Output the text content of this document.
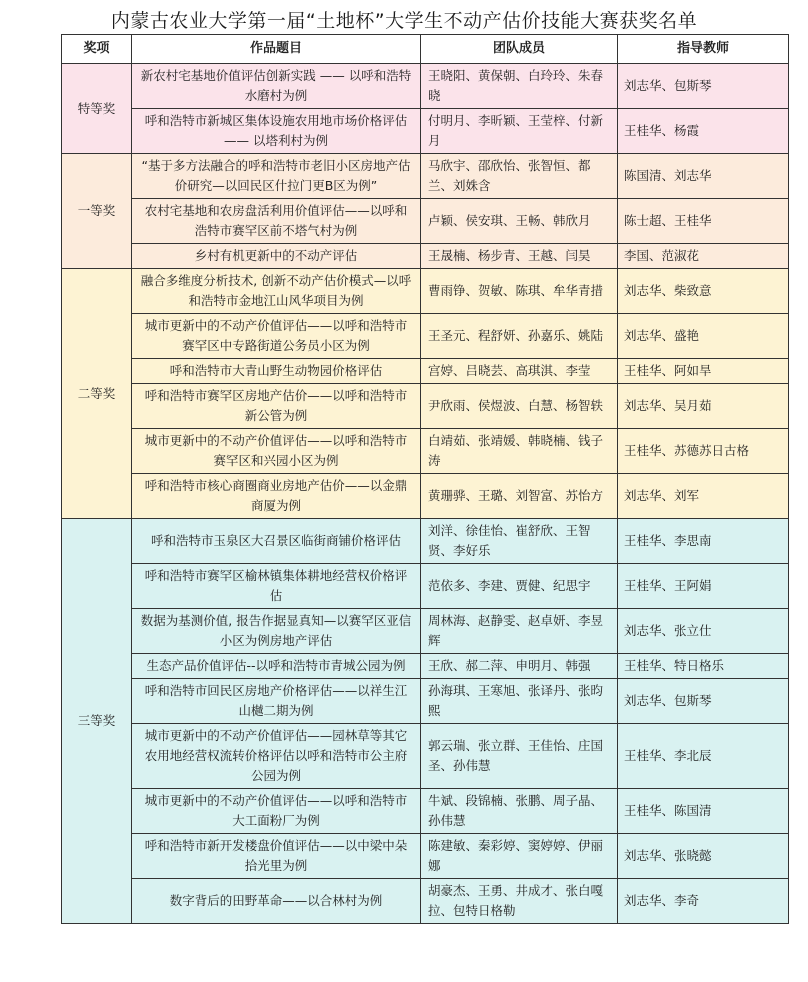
内蒙古农业大学第一届“土地杯”大学生不动产估价技能大赛获奖名单
奖项	作品题目	团队成员	指导教师
特等奖	新农村宅基地价值评估创新实践 —— 以呼和浩特水磨村为例	王晓阳、黄保朝、白玲玲、朱春晓	刘志华、包斯琴
	呼和浩特市新城区集体设施农用地市场价格评估—— 以塔利村为例	付明月、李昕颖、王莹梓、付新月	王桂华、杨霞
一等奖	“基于多方法融合的呼和浩特市老旧小区房地产估价研究—以回民区什拉门更B区为例”	马欣宇、邵欣怡、张智恒、都兰、刘姝含	陈国清、刘志华
	农村宅基地和农房盘活利用价值评估——以呼和浩特市赛罕区前不塔气村为例	卢颖、侯安琪、王畅、韩欣月	陈士超、王桂华
	乡村有机更新中的不动产评估	王晟楠、杨步青、王越、闫昊	李国、范淑花
二等奖	融合多维度分析技术, 创新不动产估价模式—以呼和浩特市金地江山风华项目为例	曹雨铮、贺敏、陈琪、牟华青措	刘志华、柴致意
	城市更新中的不动产价值评估——以呼和浩特市赛罕区中专路街道公务员小区为例	王圣元、程舒妍、孙嘉乐、姚陆	刘志华、盛艳
	呼和浩特市大青山野生动物园价格评估	宫婷、吕晓芸、高琪淇、李莹	王桂华、阿如旱
	呼和浩特市赛罕区房地产估价——以呼和浩特市新公管为例	尹欣雨、侯煜波、白慧、杨智轶	刘志华、吴月茹
	城市更新中的不动产价值评估——以呼和浩特市赛罕区和兴园小区为例	白靖茹、张靖媛、韩晓楠、钱子涛	王桂华、苏德苏日古格
	呼和浩特市核心商圈商业房地产估价——以金鼎商厦为例	黄珊骅、王璐、刘智富、苏怡方	刘志华、刘军
三等奖	呼和浩特市玉泉区大召景区临街商铺价格评估	刘洋、徐佳怡、崔舒欣、王智贤、李好乐	王桂华、李思南
	呼和浩特市赛罕区榆林镇集体耕地经营权价格评估	范依多、李建、贾健、纪思宇	王桂华、王阿娟
	数据为基测价值, 报告作据显真知—以赛罕区亚信小区为例房地产评估	周林海、赵静雯、赵卓妍、李昱辉	刘志华、张立仕
	生态产品价值评估--以呼和浩特市青城公园为例	王欣、郝二萍、申明月、韩强	王桂华、特日格乐
	呼和浩特市回民区房地产价格评估——以祥生江山樾二期为例	孙海琪、王寒旭、张译丹、张昀熙	刘志华、包斯琴
	城市更新中的不动产价值评估——园林草等其它农用地经营权流转价格评估以呼和浩特市公主府公园为例	郭云瑞、张立群、王佳怡、庄国圣、孙伟慧	王桂华、李北辰
	城市更新中的不动产价值评估——以呼和浩特市大工面粉厂为例	牛斌、段锦楠、张鹏、周子晶、孙伟慧	王桂华、陈国清
	呼和浩特市新开发楼盘价值评估——以中梁中朵拾光里为例	陈建敏、秦彩婷、窦婷婷、伊丽娜	刘志华、张晓懿
	数字背后的田野革命——以合林村为例	胡豪杰、王勇、井成才、张白嘎拉、包特日格勒	刘志华、李奇
